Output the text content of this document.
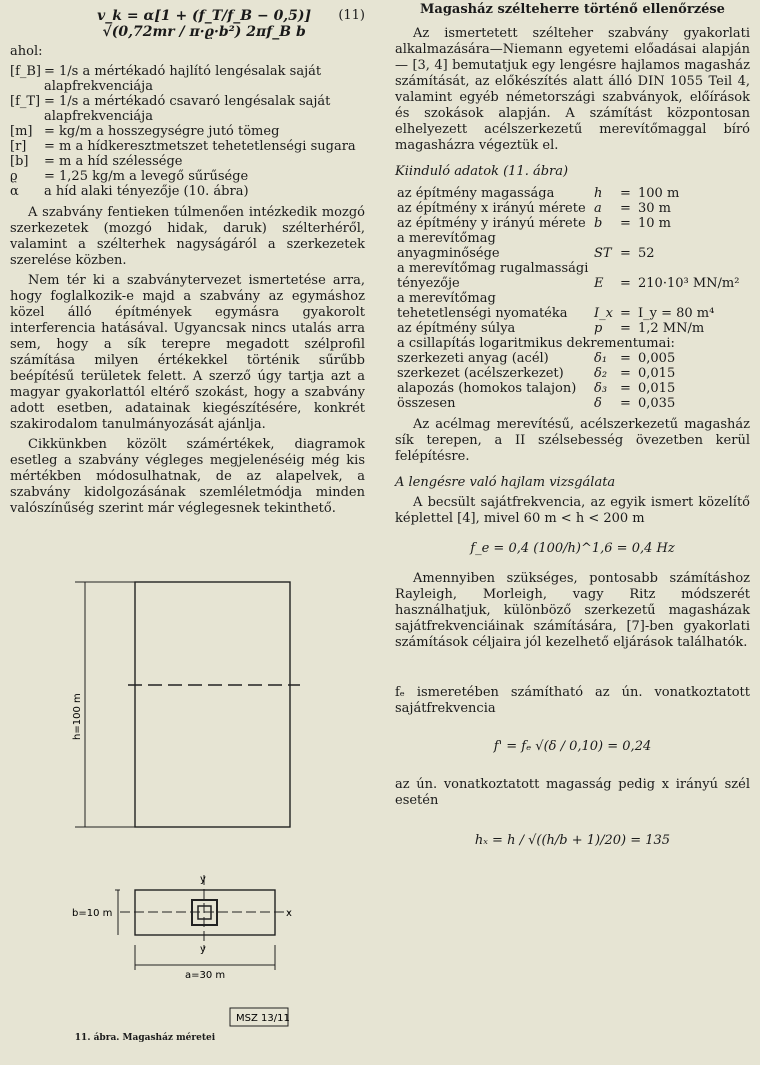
v_k = α[1 + (f_T/f_B − 0,5)] √(0,72mr / π·ϱ·b²) 2πf_B b
(11)

ahol:

[f_B] = 1/s a mértékadó hajlító lengésalak saját alapfrekvenciája
[f_T] = 1/s a mértékadó csavaró lengésalak saját alapfrekvenciája
[m] = kg/m a hosszegységre jutó tömeg
[r]	= m a hídkeresztmetszet tehetetlenségi sugara
[b]	= m a híd szélessége
ϱ	= 1,25 kg/m a levegő sűrűsége
α	a híd alaki tényezője (10. ábra)

A szabvány fentieken túlmenően intézkedik mozgó szerkezetek (mozgó hidak, daruk) szélterhéről, valamint a szélterhek nagyságáról a szerkezetek szerelése közben.

Nem tér ki a szabványtervezet ismertetése arra, hogy foglalkozik-e majd a szabvány az egymáshoz közel álló építmények egymásra gyakorolt interferencia hatásával. Ugyancsak nincs utalás arra sem, hogy a sík terepre megadott szélprofil számítása milyen értékekkel történik sűrűbb beépítésű területek felett. A szerző úgy tartja azt a magyar gyakorlattól eltérő szokást, hogy a szabvány adott esetben, adatainak kiegészítésére, konkrét szakirodalom tanulmányozását ajánlja.

Cikkünkben közölt számértékek, diagramok esetleg a szabvány végleges megjelenéséig még kis mértékben módosulhatnak, de az alapelvek, a szabvány kidolgozásának szemléletmódja minden valószínűség szerint már véglegesnek tekinthető.

h=100 m
b=10 m
a=30 m
y
y
x
MSZ 13/11
11. ábra. Magasház méretei
Magasház szélteherre történő ellenőrzése

Az ismertetett szélteher szabvány gyakorlati alkalmazására—Niemann egyetemi előadásai alapján — [3, 4] bemutatjuk egy lengésre hajlamos magasház számítását, az előkészítés alatt álló DIN 1055 Teil 4, valamint egyéb németországi szabványok, előírások és szokások alapján. A számítást központosan elhelyezett acélszerkezetű merevítőmaggal bíró magasházra végeztük el.

Kiinduló adatok (11. ábra)

az építmény magassága	h	=	100 m
az építmény x irányú mérete	a	=	30 m
az építmény y irányú mérete	b	=	10 m
a merevítőmag anyagminősége	ST	=	52
a merevítőmag rugalmassági tényezője	E	=	210·10³ MN/m²
a merevítőmag tehetetlenségi nyomatéka	I_x	=	I_y = 80 m⁴
az építmény súlya	p	=	1,2 MN/m
a csillapítás logaritmikus dekrementumai:			
szerkezeti anyag (acél)	δ₁	=	0,005
szerkezet (acélszerkezet)	δ₂	=	0,015
alapozás (homokos talajon)	δ₃	=	0,015
összesen	δ	=	0,035

Az acélmag merevítésű, acélszerkezetű magasház sík terepen, a II szélsebesség övezetben kerül felépítésre.

A lengésre való hajlam vizsgálata

A becsült sajátfrekvencia, az egyik ismert közelítő képlettel [4], mivel 60 m < h < 200 m

f_e = 0,4 (100/h)^1,6 = 0,4 Hz

Amennyiben szükséges, pontosabb számításhoz Rayleigh, Morleigh, vagy Ritz módszerét használhatjuk, különböző szerkezetű magasházak sajátfrekvenciáinak számítására, [7]-ben gyakorlati számítások céljaira jól kezelhető eljárások találhatók.

fₑ ismeretében számítható az ún. vonatkoztatott sajátfrekvencia

f' = fₑ √(δ / 0,10) = 0,24

az ún. vonatkoztatott magasság pedig x irányú szél esetén

hₓ = h / √((h/b + 1)/20) = 135
